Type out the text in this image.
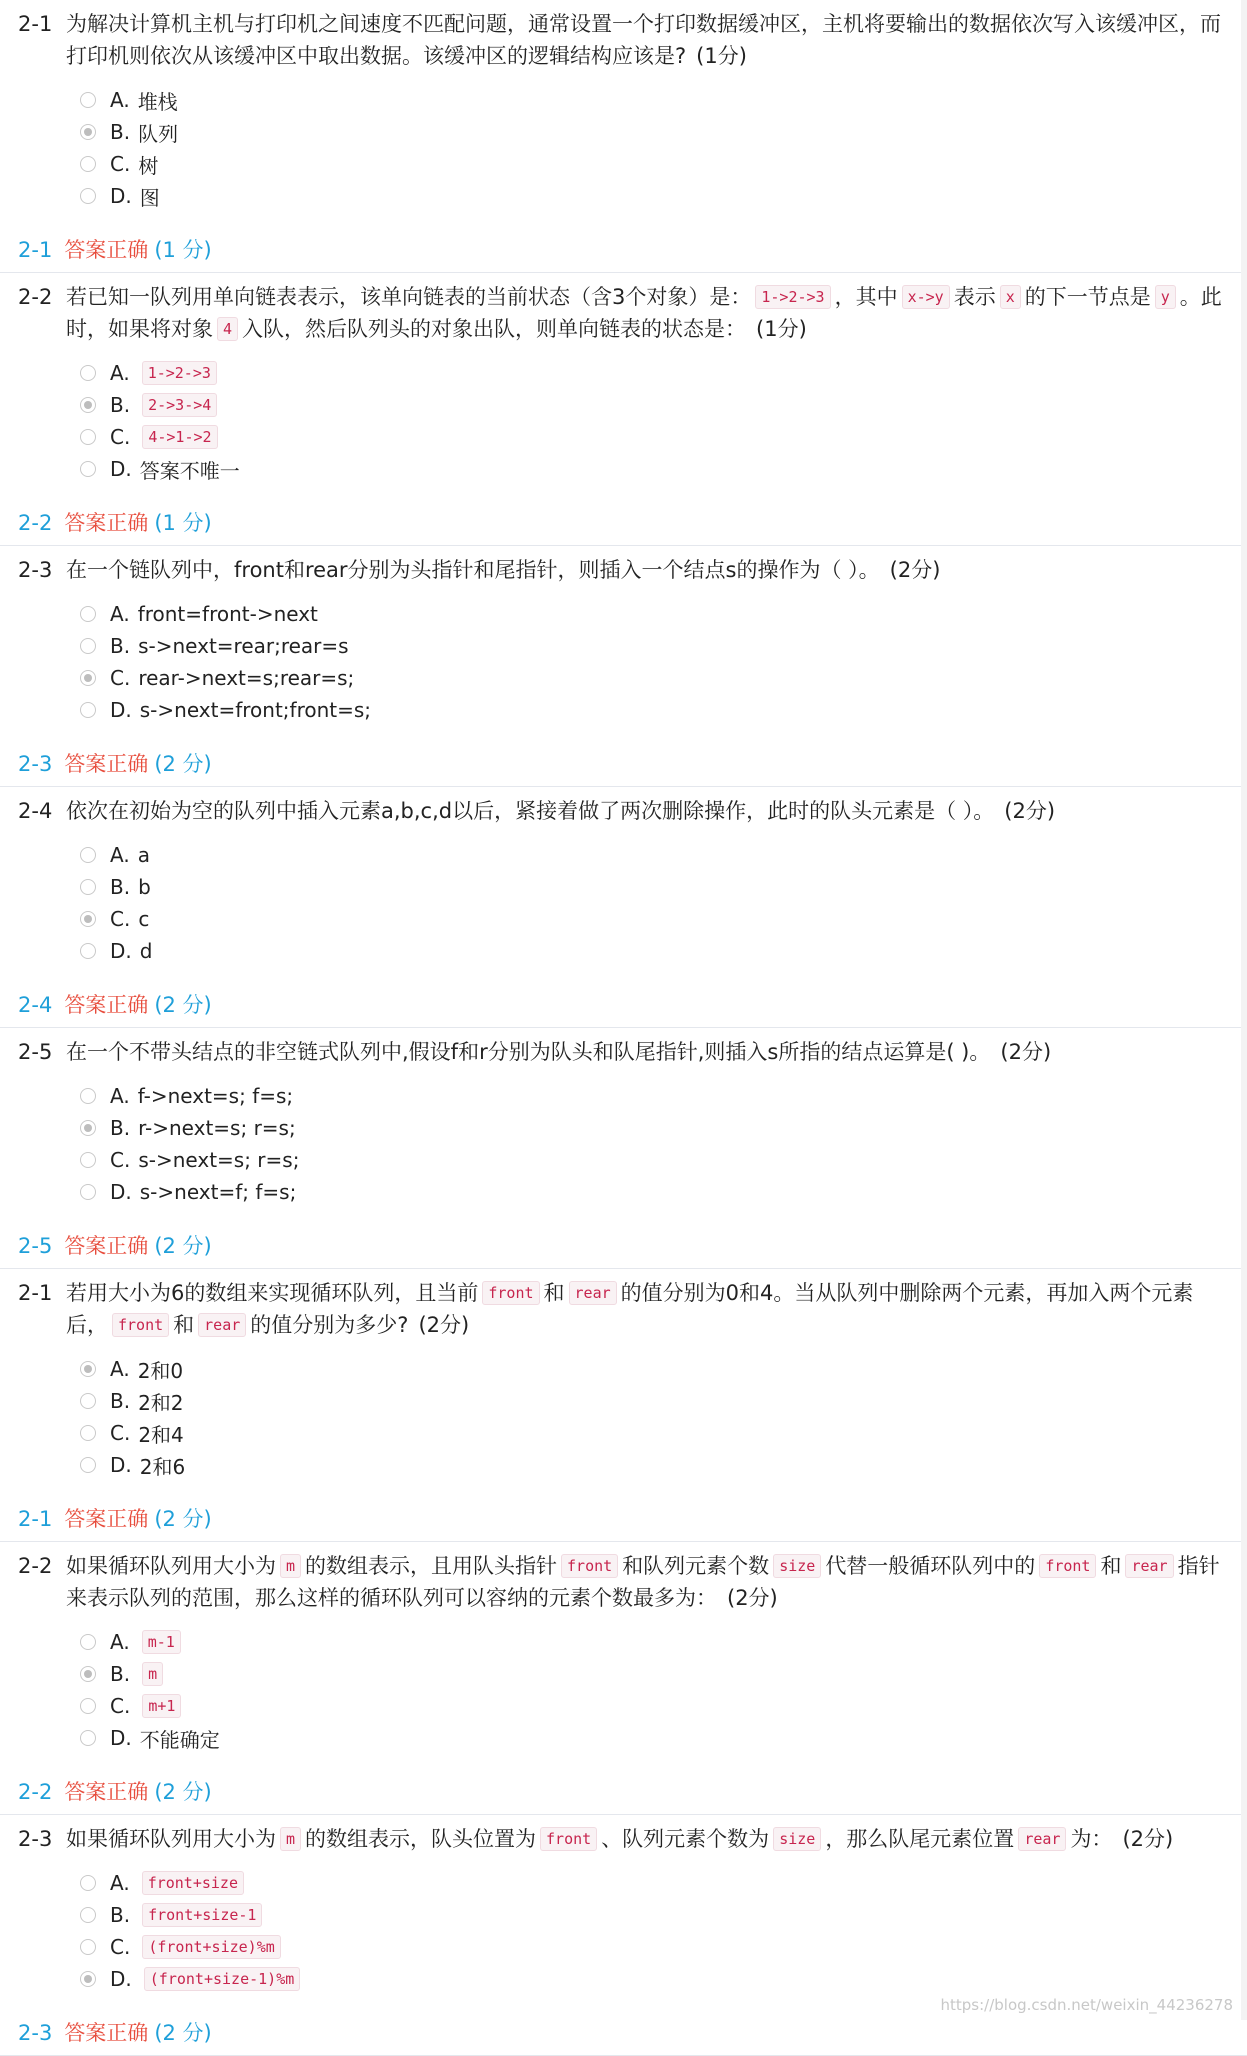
2-1 为解决计算机主机与打印机之间速度不匹配问题，通常设置一个打印数据缓冲区，主机将要输出的数据依次写入该缓冲区，而打印机则依次从该缓冲区中取出数据。该缓冲区的逻辑结构应该是? (1分)
A. 堆栈
B. 队列
C. 树
D. 图
2-1 答案正确 (1 分)
2-2 若已知一队列用单向链表表示，该单向链表的当前状态（含3个对象）是： 1->2->3 ，其中 x->y 表示 x 的下一节点是 y 。此时，如果将对象 4 入队，然后队列头的对象出队，则单向链表的状态是： (1分)
A.	1->2->3
B.	2->3->4
C.	4->1->2
D. 答案不唯一
2-2 答案正确 (1 分)
2-3 在一个链队列中，front和rear分别为头指针和尾指针，则插入一个结点s的操作为（ ）。 (2分)
A. front=front->next
B. s->next=rear;rear=s
C. rear->next=s;rear=s;
D. s->next=front;front=s;
2-3 答案正确 (2 分)
2-4 依次在初始为空的队列中插入元素a,b,c,d以后，紧接着做了两次删除操作，此时的队头元素是（ ）。 (2分)
A. a
B. b
C. c
D. d
2-4 答案正确 (2 分)
2-5 在一个不带头结点的非空链式队列中,假设f和r分别为队头和队尾指针,则插入s所指的结点运算是( )。 (2分)
A. f->next=s; f=s;
B. r->next=s; r=s;
C. s->next=s; r=s;
D. s->next=f; f=s;
2-5 答案正确 (2 分)
2-1 若用大小为6的数组来实现循环队列，且当前 front 和 rear 的值分别为0和4。当从队列中删除两个元素，再加入两个元素后， front 和 rear 的值分别为多少? (2分)
A. 2和0
B. 2和2
C. 2和4
D. 2和6
2-1 答案正确 (2 分)
2-2 如果循环队列用大小为 m 的数组表示，且用队头指针 front 和队列元素个数 size 代替一般循环队列中的 front 和 rear 指针来表示队列的范围，那么这样的循环队列可以容纳的元素个数最多为： (2分)
A.	m-1
B.	m
C.	m+1
D. 不能确定
2-2 答案正确 (2 分)
2-3 如果循环队列用大小为 m 的数组表示，队头位置为 front 、队列元素个数为 size ，那么队尾元素位置 rear 为： (2分)
A.	front+size
B.	front+size-1
C.	(front+size)%m
D.	(front+size-1)%m
2-3 答案正确 (2 分)
https://blog.csdn.net/weixin_44236278
